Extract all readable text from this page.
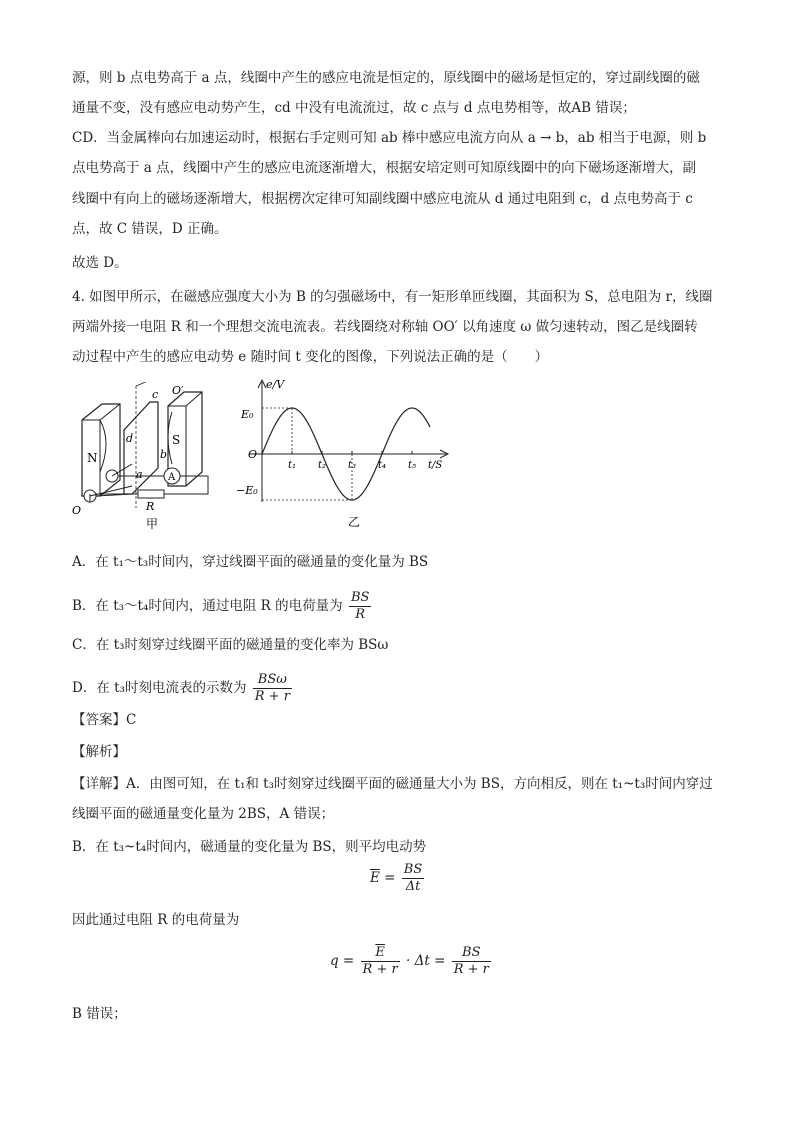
源，则 b 点电势高于 a 点，线圈中产生的感应电流是恒定的，原线圈中的磁场是恒定的，穿过副线圈的磁
通量不变，没有感应电动势产生，cd 中没有电流流过，故 c 点与 d 点电势相等，故AB 错误；
CD．当金属棒向右加速运动时，根据右手定则可知 ab 棒中感应电流方向从 a → b，ab 相当于电源，则 b
点电势高于 a 点，线圈中产生的感应电流逐渐增大，根据安培定则可知原线圈中的向下磁场逐渐增大，副
线圈中有向上的磁场逐渐增大，根据楞次定律可知副线圈中感应电流从 d 通过电阻到 c，d 点电势高于 c
点，故 C 错误，D 正确。
故选 D。
4. 如图甲所示，在磁感应强度大小为 B 的匀强磁场中，有一矩形单匝线圈，其面积为 S，总电阻为 r，线圈
两端外接一电阻 R 和一个理想交流电流表。若线圈绕对称轴 OO′ 以角速度 ω 做匀速转动，图乙是线圈转
动过程中产生的感应电动势 e 随时间 t 变化的图像，下列说法正确的是（　　）
N
S
c
d
b
a
O′
O
A
R
甲
t₁ t₂ t₃ t₄ t₅
e/V
t/S
O
E₀
−E₀
乙
A．在 t₁～t₃时间内，穿过线圈平面的磁通量的变化量为 BS
B．在 t₃～t₄时间内，通过电阻 R 的电荷量为 $\frac{BS}{R}$
C．在 t₃时刻穿过线圈平面的磁通量的变化率为 BSω
D．在 t₃时刻电流表的示数为 $\frac{\text{BSω}}{R + r}$
【答案】C
【解析】
【详解】A．由图可知，在 t₁和 t₃时刻穿过线圈平面的磁通量大小为 BS，方向相反，则在 t₁~t₃时间内穿过
线圈平面的磁通量变化量为 2BS，A 错误；
B．在 t₃~t₄时间内，磁通量的变化量为 BS，则平均电动势
$\overline{E} = \frac{BS}{\Delta t}$
因此通过电阻 R 的电荷量为
$q = \frac{\overline{E}}{R + r} \cdot \Delta t = \frac{BS}{R + r}$
B 错误；
